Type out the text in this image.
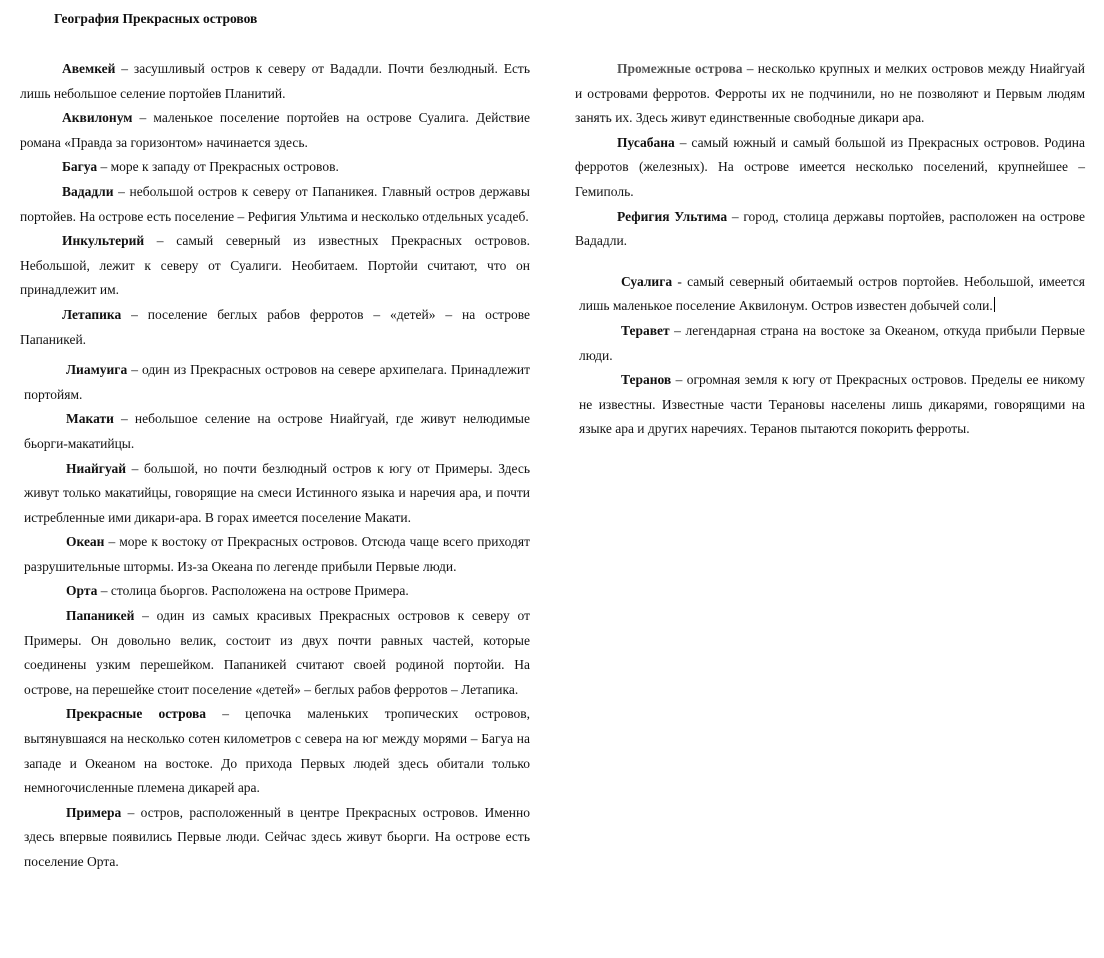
География Прекрасных островов

Авемкей – засушливый остров к северу от Вададли. Почти безлюдный. Есть лишь небольшое селение портойев Планитий.

Аквилонум – маленькое поселение портойев на острове Суалига. Действие романа «Правда за горизонтом» начинается здесь.

Багуа – море к западу от Прекрасных островов.

Вададли – небольшой остров к северу от Папаникея. Главный остров державы портойев. На острове есть поселение – Рефигия Ультима и несколько отдельных усадеб.

Инкультерий – самый северный из известных Прекрасных островов. Небольшой, лежит к северу от Суалиги. Необитаем. Портойи считают, что он принадлежит им.

Летапика – поселение беглых рабов ферротов – «детей» – на острове Папаникей.

Лиамуига – один из Прекрасных островов на севере архипелага. Принадлежит портойям.

Макати – небольшое селение на острове Ниайгуай, где живут нелюдимые бьорги-макатийцы.

Ниайгуай – большой, но почти безлюдный остров к югу от Примеры. Здесь живут только макатийцы, говорящие на смеси Истинного языка и наречия ара, и почти истребленные ими дикари-ара. В горах имеется поселение Макати.

Океан – море к востоку от Прекрасных островов. Отсюда чаще всего приходят разрушительные штормы. Из-за Океана по легенде прибыли Первые люди.

Орта – столица бьоргов. Расположена на острове Примера.

Папаникей – один из самых красивых Прекрасных островов к северу от Примеры. Он довольно велик, состоит из двух почти равных частей, которые соединены узким перешейком. Папаникей считают своей родиной портойи. На острове, на перешейке стоит поселение «детей» – беглых рабов ферротов – Летапика.

Прекрасные острова – цепочка маленьких тропических островов, вытянувшаяся на несколько сотен километров с севера на юг между морями – Багуа на западе и Океаном на востоке. До прихода Первых людей здесь обитали только немногочисленные племена дикарей ара.

Примера – остров, расположенный в центре Прекрасных островов. Именно здесь впервые появились Первые люди. Сейчас здесь живут бьорги. На острове есть поселение Орта.

Промежные острова – несколько крупных и мелких островов между Ниайгуай и островами ферротов. Ферроты их не подчинили, но не позволяют и Первым людям занять их. Здесь живут единственные свободные дикари ара.

Пусабана – самый южный и самый большой из Прекрасных островов. Родина ферротов (железных). На острове имеется несколько поселений, крупнейшее – Гемиполь.

Рефигия Ультима – город, столица державы портойев, расположен на острове Вададли.

Суалига - самый северный обитаемый остров портойев. Небольшой, имеется лишь маленькое поселение Аквилонум. Остров известен добычей соли.

Теравет – легендарная страна на востоке за Океаном, откуда прибыли Первые люди.

Теранов – огромная земля к югу от Прекрасных островов. Пределы ее никому не известны. Известные части Терановы населены лишь дикарями, говорящими на языке ара и других наречиях. Теранов пытаются покорить ферроты.
